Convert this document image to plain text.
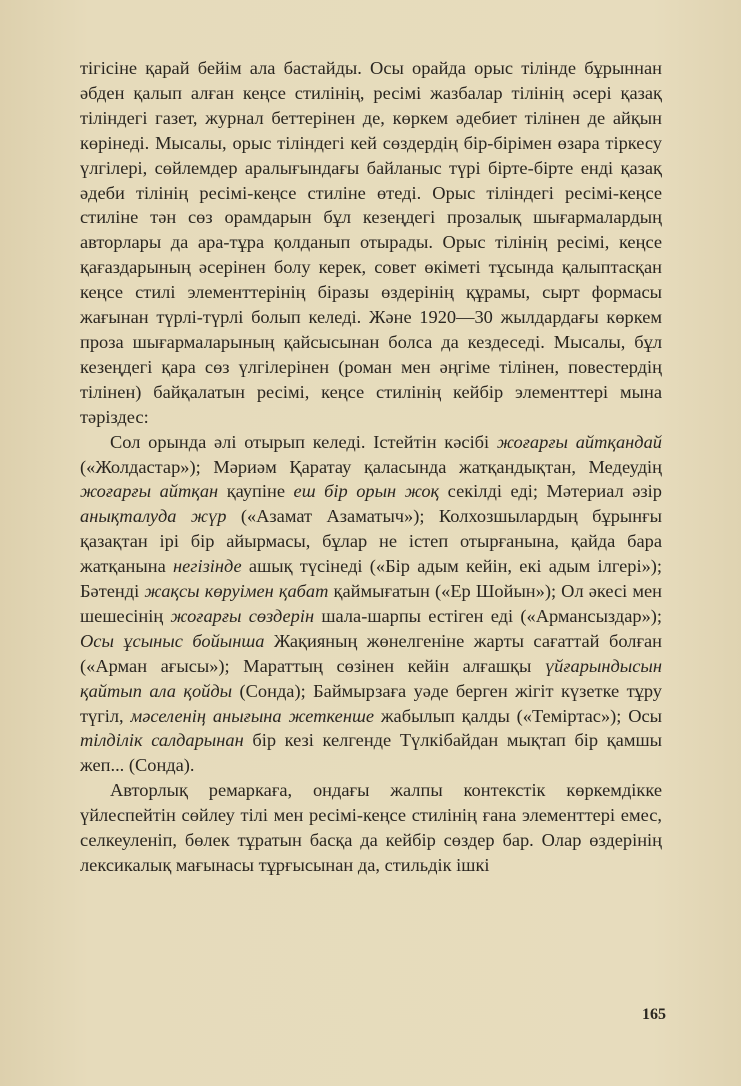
тігісіне қарай бейім ала бастайды. Осы орайда орыс тілінде бұрыннан әбден қалып алған кеңсе стилінің, ресімі жазбалар тілінің әсері қазақ тіліндегі газет, журнал беттерінен де, көркем әдебиет тілінен де айқын көрінеді. Мысалы, орыс тіліндегі кей сөздердің бір-бірімен өзара тіркесу үлгілері, сөйлемдер аралығындағы байланыс түрі бірте-бірте енді қазақ әдеби тілінің ресімі-кеңсе стиліне өтеді. Орыс тіліндегі ресімі-кеңсе стиліне тән сөз орамдарын бұл кезеңдегі прозалық шығармалардың авторлары да ара-тұра қолданып отырады. Орыс тілінің ресімі, кеңсе қағаздарының әсерінен болу керек, совет өкіметі тұсында қалыптасқан кеңсе стилі элементтерінің біразы өздерінің құрамы, сырт формасы жағынан түрлі-түрлі болып келеді. Және 1920—30 жылдардағы көркем проза шығармаларының қайсысынан болса да кездеседі. Мысалы, бұл кезеңдегі қара сөз үлгілерінен (роман мен әңгіме тілінен, повестердің тілінен) байқалатын ресімі, кеңсе стилінің кейбір элементтері мына тәріздес:

Сол орында әлі отырып келеді. Істейтін кәсібі жоғарғы айтқандай («Жолдастар»); Мәриәм Қаратау қаласында жатқандықтан, Медеудің жоғарғы айтқан қаупіне еш бір орын жоқ секілді еді; Мәтериал әзір анықталуда жүр («Азамат Азаматыч»); Колхозшылардың бұрынғы қазақтан ірі бір айырмасы, бұлар не істеп отырғанына, қайда бара жатқанына негізінде ашық түсінеді («Бір адым кейін, екі адым ілгері»); Бәтенді жақсы көруімен қабат қаймығатын («Ер Шойын»); Ол әкесі мен шешесінің жоғарғы сөздерін шала-шарпы естіген еді («Армансыздар»); Осы ұсыныс бойынша Жақияның жөнелгеніне жарты сағаттай болған («Арман ағысы»); Мараттың сөзінен кейін алғашқы үйғарындысын қайтып ала қойды (Сонда); Баймырзаға уәде берген жігіт күзетке тұру түгіл, мәселенің анығына жеткенше жабылып қалды («Теміртас»); Осы тілділік салдарынан бір кезі келгенде Түлкібайдан мықтап бір қамшы жеп... (Сонда).

Авторлық ремаркаға, ондағы жалпы контекстік көркемдікке үйлеспейтін сөйлеу тілі мен ресімі-кеңсе стилінің ғана элементтері емес, селкеуленіп, бөлек тұратын басқа да кейбір сөздер бар. Олар өздерінің лексикалық мағынасы тұрғысынан да, стильдік ішкі

165
